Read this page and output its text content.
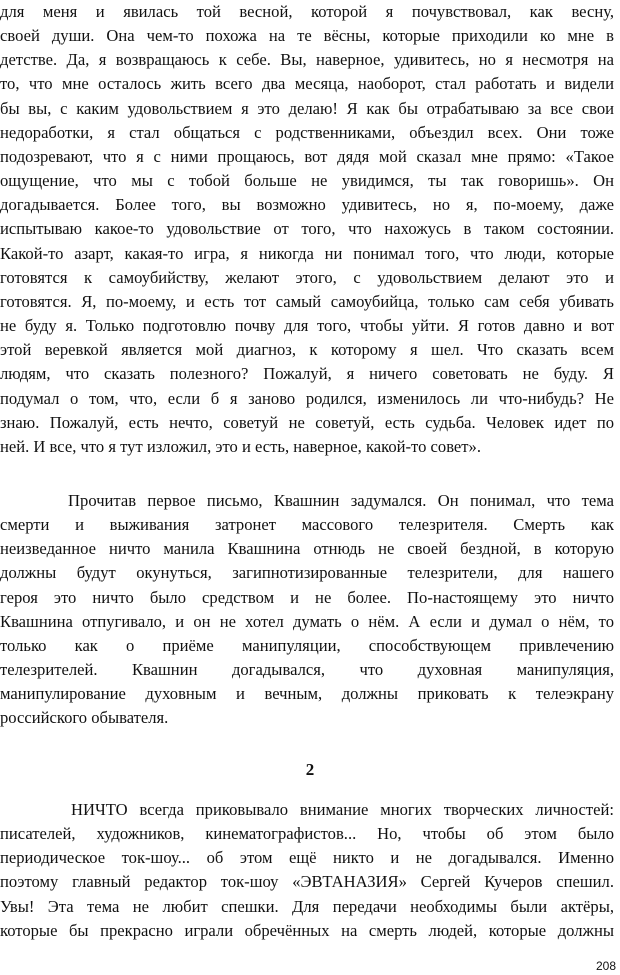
для меня и явилась той весной, которой я почувствовал, как весну,
своей души. Она чем-то похожа на те вёсны, которые приходили ко мне в
детстве. Да, я возвращаюсь к себе. Вы, наверное, удивитесь, но я несмотря на
то, что мне осталось жить всего два месяца, наоборот, стал работать и видели
бы вы, с каким удовольствием я это делаю! Я как бы отрабатываю за все свои
недоработки, я стал общаться с родственниками, объездил всех. Они тоже
подозревают, что я с ними прощаюсь, вот дядя мой сказал мне прямо: «Такое
ощущение, что мы с тобой больше не увидимся, ты так говоришь». Он
догадывается. Более того, вы возможно удивитесь, но я, по-моему, даже
испытываю какое-то удовольствие от того, что нахожусь в таком состоянии.
Какой-то азарт, какая-то игра, я никогда ни понимал того, что люди, которые
готовятся к самоубийству, желают этого, с удовольствием делают это и
готовятся. Я, по-моему, и есть тот самый самоубийца, только сам себя убивать
не буду я. Только подготовлю почву для того, чтобы уйти. Я готов давно и вот
этой веревкой является мой диагноз, к которому я шел. Что сказать всем
людям, что сказать полезного? Пожалуй, я ничего советовать не буду. Я
подумал о том, что, если б я заново родился, изменилось ли что-нибудь? Не
знаю. Пожалуй, есть нечто, советуй не советуй, есть судьба. Человек идет по
ней. И все, что я тут изложил, это и есть, наверное, какой-то совет».
Прочитав первое письмо, Квашнин задумался. Он понимал, что тема
смерти и выживания затронет массового телезрителя. Смерть как
неизведанное ничто манила Квашнина отнюдь не своей бездной, в которую
должны будут окунуться, загипнотизированные телезрители, для нашего
героя это ничто было средством и не более. По-настоящему это ничто
Квашнина отпугивало, и он не хотел думать о нём. А если и думал о нём, то
только как о приёме манипуляции, способствующем привлечению
телезрителей. Квашнин догадывался, что духовная манипуляция,
манипулирование духовным и вечным, должны приковать к телеэкрану
российского обывателя.
2
НИЧТО всегда приковывало внимание многих творческих личностей:
писателей, художников, кинематографистов... Но, чтобы об этом было
периодическое ток-шоу... об этом ещё никто и не догадывался. Именно
поэтому главный редактор ток-шоу «ЭВТАНАЗИЯ» Сергей Кучеров спешил.
Увы! Эта тема не любит спешки. Для передачи необходимы были актёры,
которые бы прекрасно играли обречённых на смерть людей, которые должны
208
